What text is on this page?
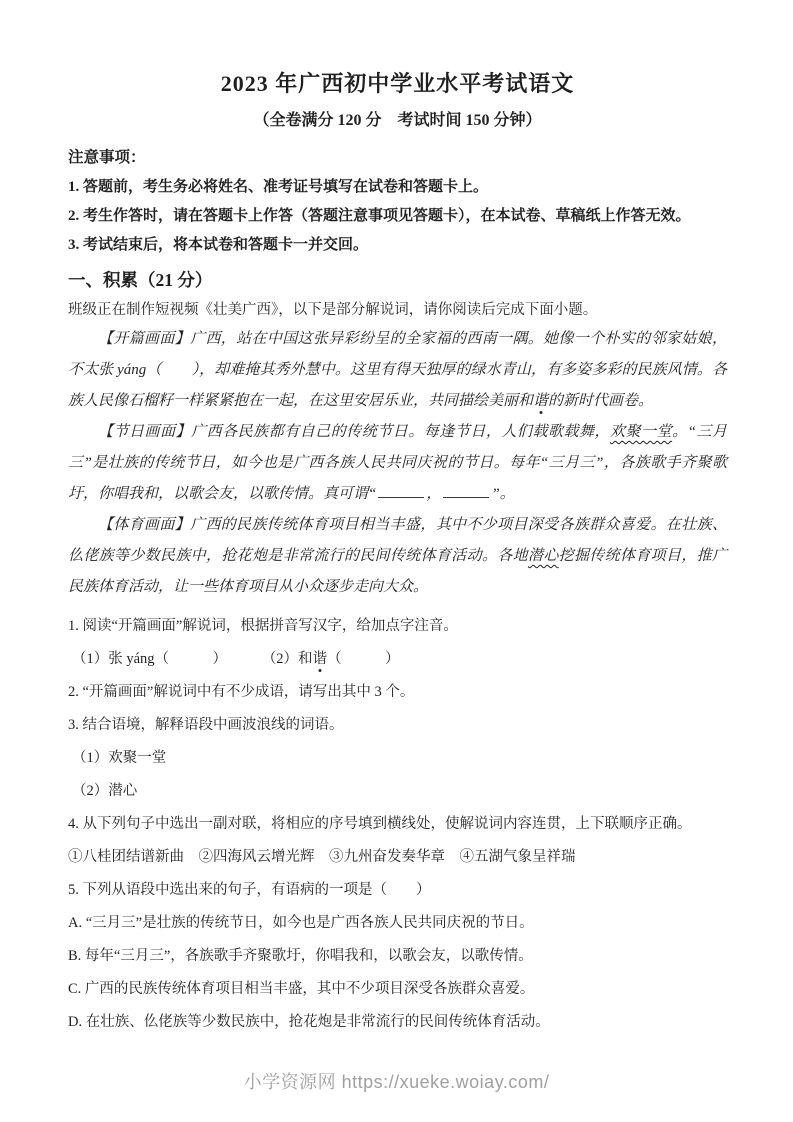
2023 年广西初中学业水平考试语文
（全卷满分 120 分　考试时间 150 分钟）
注意事项：
1. 答题前，考生务必将姓名、准考证号填写在试卷和答题卡上。
2. 考生作答时，请在答题卡上作答（答题注意事项见答题卡），在本试卷、草稿纸上作答无效。
3. 考试结束后，将本试卷和答题卡一并交回。
一、积累（21 分）

班级正在制作短视频《壮美广西》，以下是部分解说词，请你阅读后完成下面小题。

【开篇画面】广西，站在中国这张异彩纷呈的全家福的西南一隅。她像一个朴实的邻家姑娘，不太张 yáng（　　），却难掩其秀外慧中。这里有得天独厚的绿水青山，有多姿多彩的民族风情。各族人民像石榴籽一样紧紧抱在一起，在这里安居乐业，共同描绘美丽和谐的新时代画卷。

【节日画面】广西各民族都有自己的传统节日。每逢节日，人们载歌载舞，欢聚一堂。“三月三”是壮族的传统节日，如今也是广西各族人民共同庆祝的节日。每年“三月三”，各族歌手齐聚歌圩，你唱我和，以歌会友，以歌传情。真可谓“	，	”。

【体育画面】广西的民族传统体育项目相当丰盛，其中不少项目深受各族群众喜爱。在壮族、仫佬族等少数民族中，抢花炮是非常流行的民间传统体育活动。各地潜心挖掘传统体育项目，推广民族体育活动，让一些体育项目从小众逐步走向大众。

1. 阅读“开篇画面”解说词，根据拼音写汉字，给加点字注音。
（1）张 yáng（　　　）	（2）和谐（　　　）
2. “开篇画面”解说词中有不少成语，请写出其中 3 个。
3. 结合语境，解释语段中画波浪线的词语。
（1）欢聚一堂
（2）潜心
4. 从下列句子中选出一副对联，将相应的序号填到横线处，使解说词内容连贯，上下联顺序正确。
①八桂团结谱新曲　②四海风云增光辉　③九州奋发奏华章　④五湖气象呈祥瑞
5. 下列从语段中选出来的句子，有语病的一项是（　　）
A. “三月三”是壮族的传统节日，如今也是广西各族人民共同庆祝的节日。
B. 每年“三月三”，各族歌手齐聚歌圩，你唱我和，以歌会友，以歌传情。
C. 广西的民族传统体育项目相当丰盛，其中不少项目深受各族群众喜爱。
D. 在壮族、仫佬族等少数民族中，抢花炮是非常流行的民间传统体育活动。
小学资源网 https://xueke.woiay.com/
